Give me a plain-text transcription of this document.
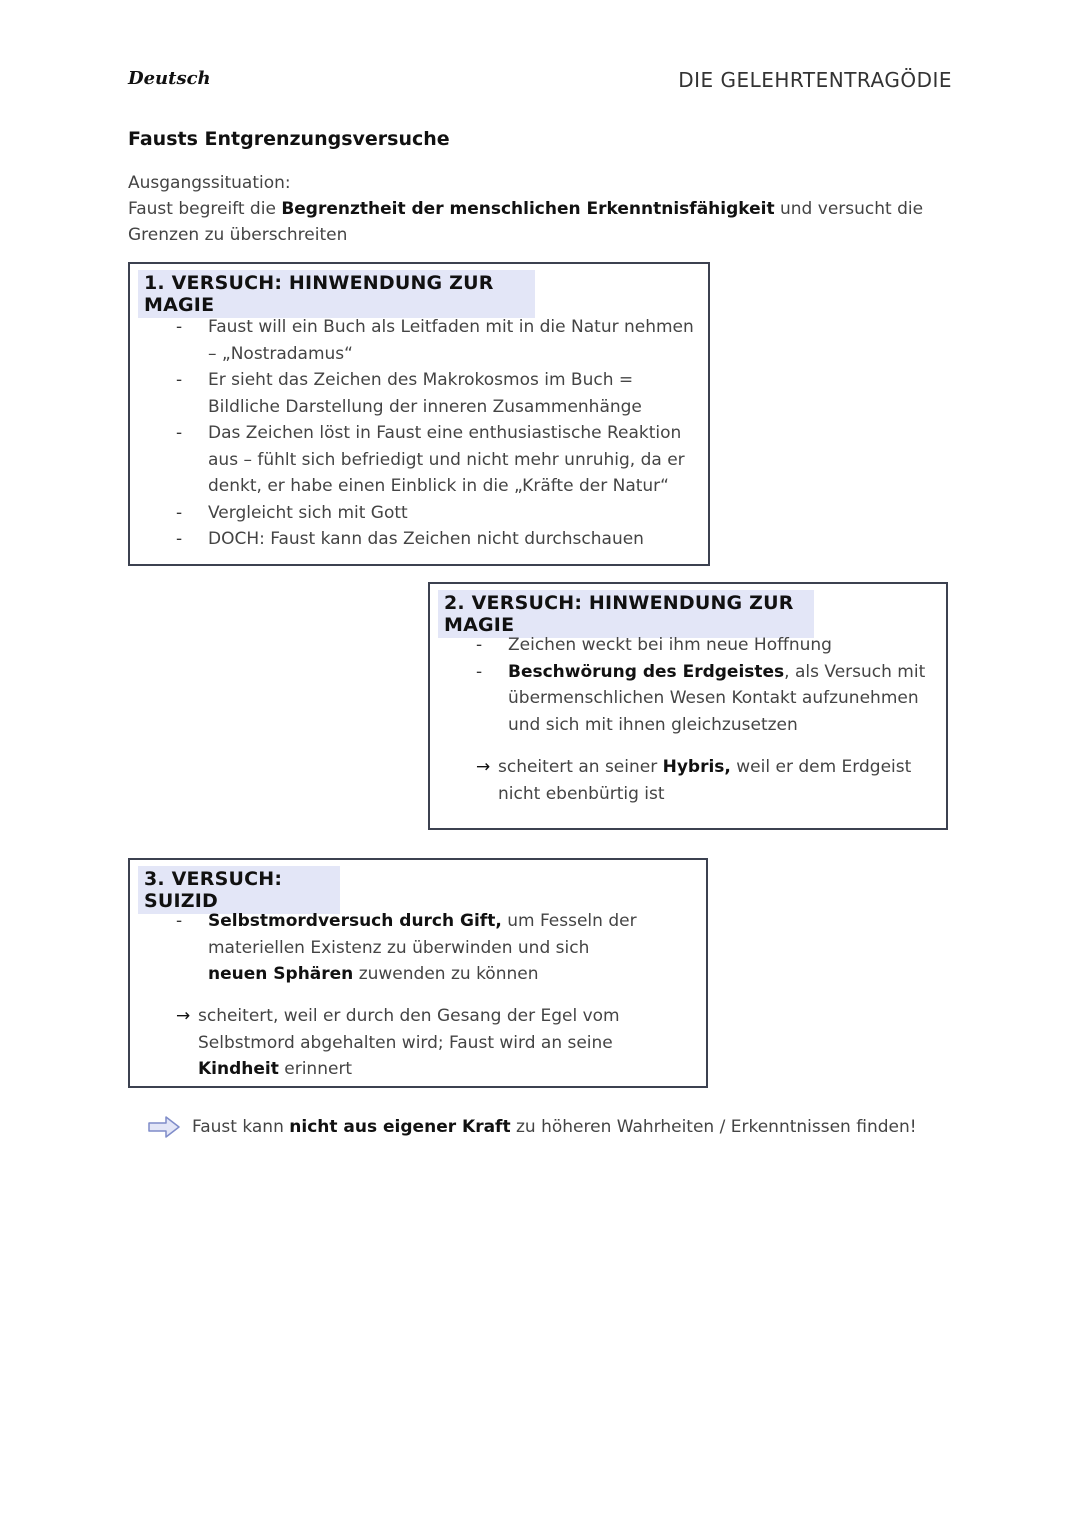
Deutsch	DIE GELEHRTENTRAGÖDIE
Fausts Entgrenzungsversuche
Ausgangssituation:
Faust begreift die Begrenztheit der menschlichen Erkenntnisfähigkeit und versucht die Grenzen zu überschreiten
1. VERSUCH: HINWENDUNG ZUR MAGIE
- Faust will ein Buch als Leitfaden mit in die Natur nehmen – „Nostradamus“
- Er sieht das Zeichen des Makrokosmos im Buch = Bildliche Darstellung der inneren Zusammenhänge
- Das Zeichen löst in Faust eine enthusiastische Reaktion aus – fühlt sich befriedigt und nicht mehr unruhig, da er denkt, er habe einen Einblick in die „Kräfte der Natur“
- Vergleicht sich mit Gott
- DOCH: Faust kann das Zeichen nicht durchschauen
2. VERSUCH: HINWENDUNG ZUR MAGIE
- Zeichen weckt bei ihm neue Hoffnung
- Beschwörung des Erdgeistes, als Versuch mit übermenschlichen Wesen Kontakt aufzunehmen und sich mit ihnen gleichzusetzen
→ scheitert an seiner Hybris, weil er dem Erdgeist nicht ebenbürtig ist
3. VERSUCH: SUIZID
- Selbstmordversuch durch Gift, um Fesseln der materiellen Existenz zu überwinden und sich neuen Sphären zuwenden zu können
→ scheitert, weil er durch den Gesang der Egel vom Selbstmord abgehalten wird; Faust wird an seine Kindheit erinnert
Faust kann nicht aus eigener Kraft zu höheren Wahrheiten / Erkenntnissen finden!
